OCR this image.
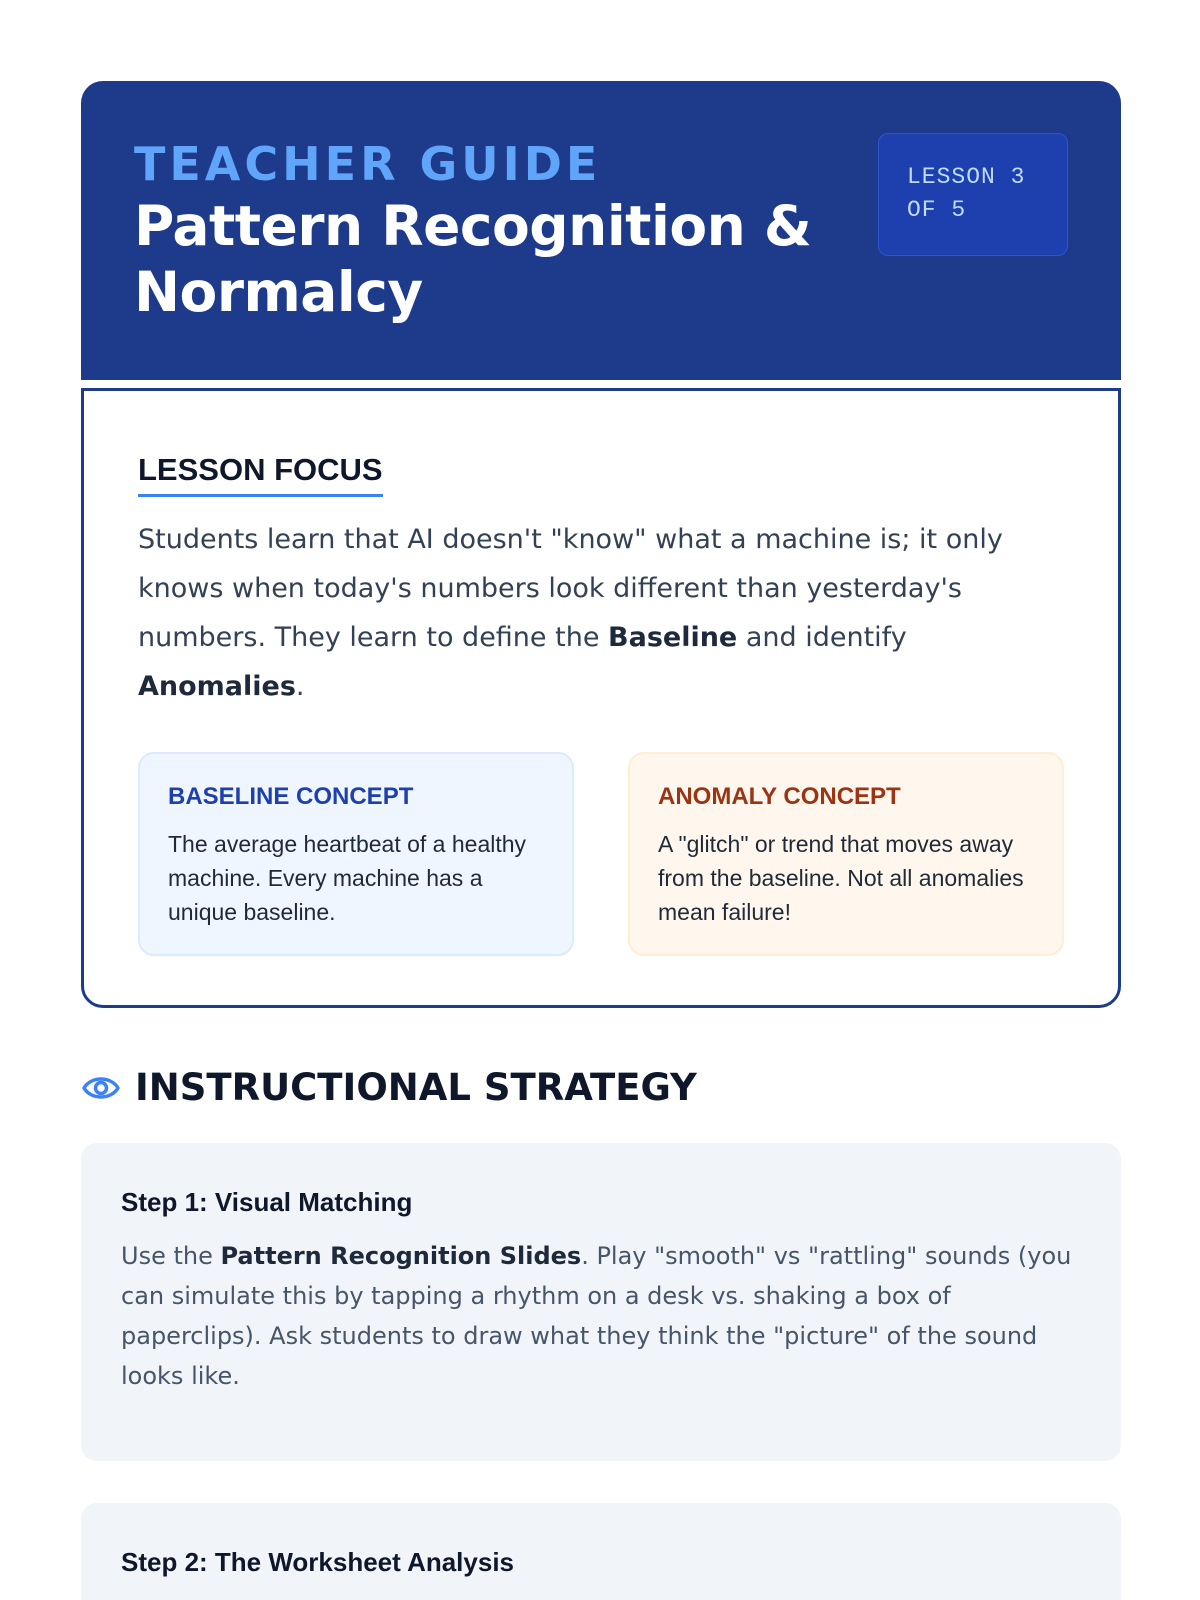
TEACHER GUIDE
Pattern Recognition & Normalcy
LESSON 3
OF 5
LESSON FOCUS

Students learn that AI doesn't "know" what a machine is; it only knows when today's numbers look different than yesterday's numbers. They learn to define the Baseline and identify Anomalies.

BASELINE CONCEPT
The average heartbeat of a healthy machine. Every machine has a unique baseline.
ANOMALY CONCEPT
A "glitch" or trend that moves away from the baseline. Not all anomalies mean failure!
INSTRUCTIONAL STRATEGY
Step 1: Visual Matching

Use the Pattern Recognition Slides. Play "smooth" vs "rattling" sounds (you can simulate this by tapping a rhythm on a desk vs. shaking a box of paperclips). Ask students to draw what they think the "picture" of the sound looks like.

Step 2: The Worksheet Analysis
